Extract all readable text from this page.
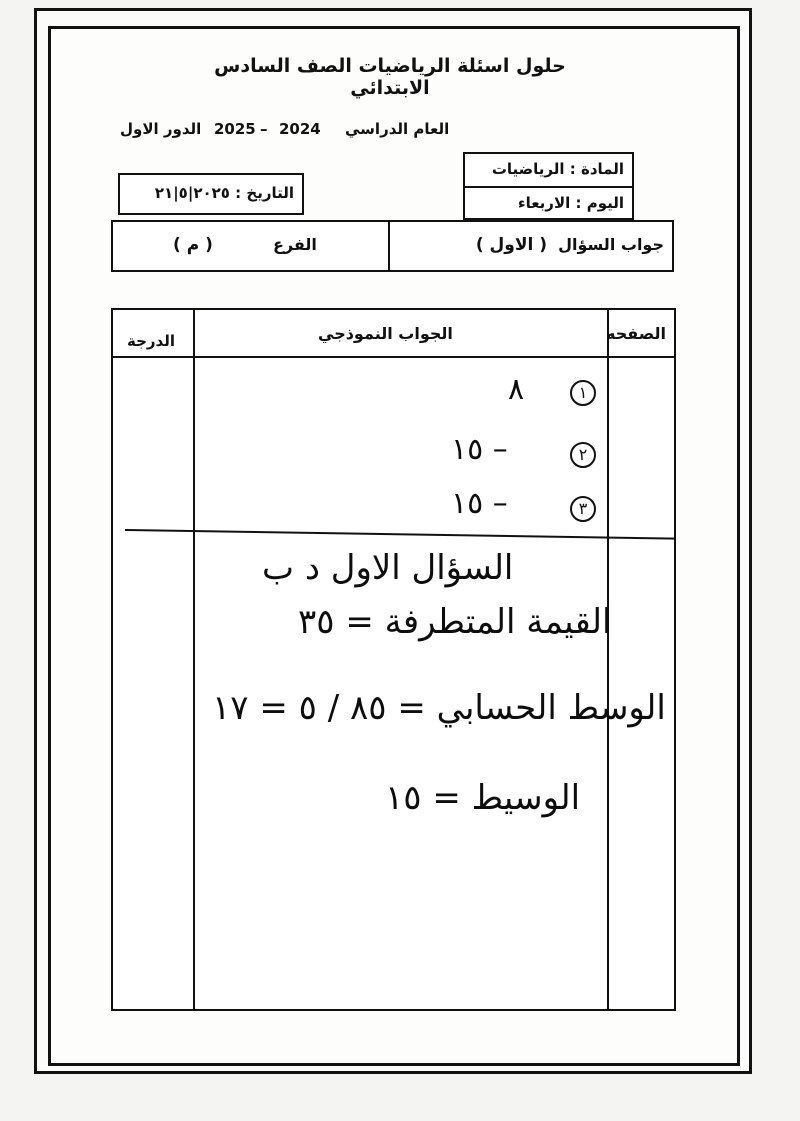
حلول اسئلة الرياضيات الصف السادس الابتدائي
العام الدراسي
2024
–
2025
الدور الاول
المادة : الرياضيات
اليوم : الاربعاء
التاريخ : ٢٠٢٥|٥|٢١
جواب السؤال
( الاول )
الفرع
( م )
الصفحه
الجواب النموذجي
الدرجة
١
٨
٢
– ١٥
٣
– ١٥
السؤال الاول د ب
القيمة المتطرفة = ٣٥
الوسط الحسابي = ٨٥ / ٥ = ١٧
الوسيط = ١٥
